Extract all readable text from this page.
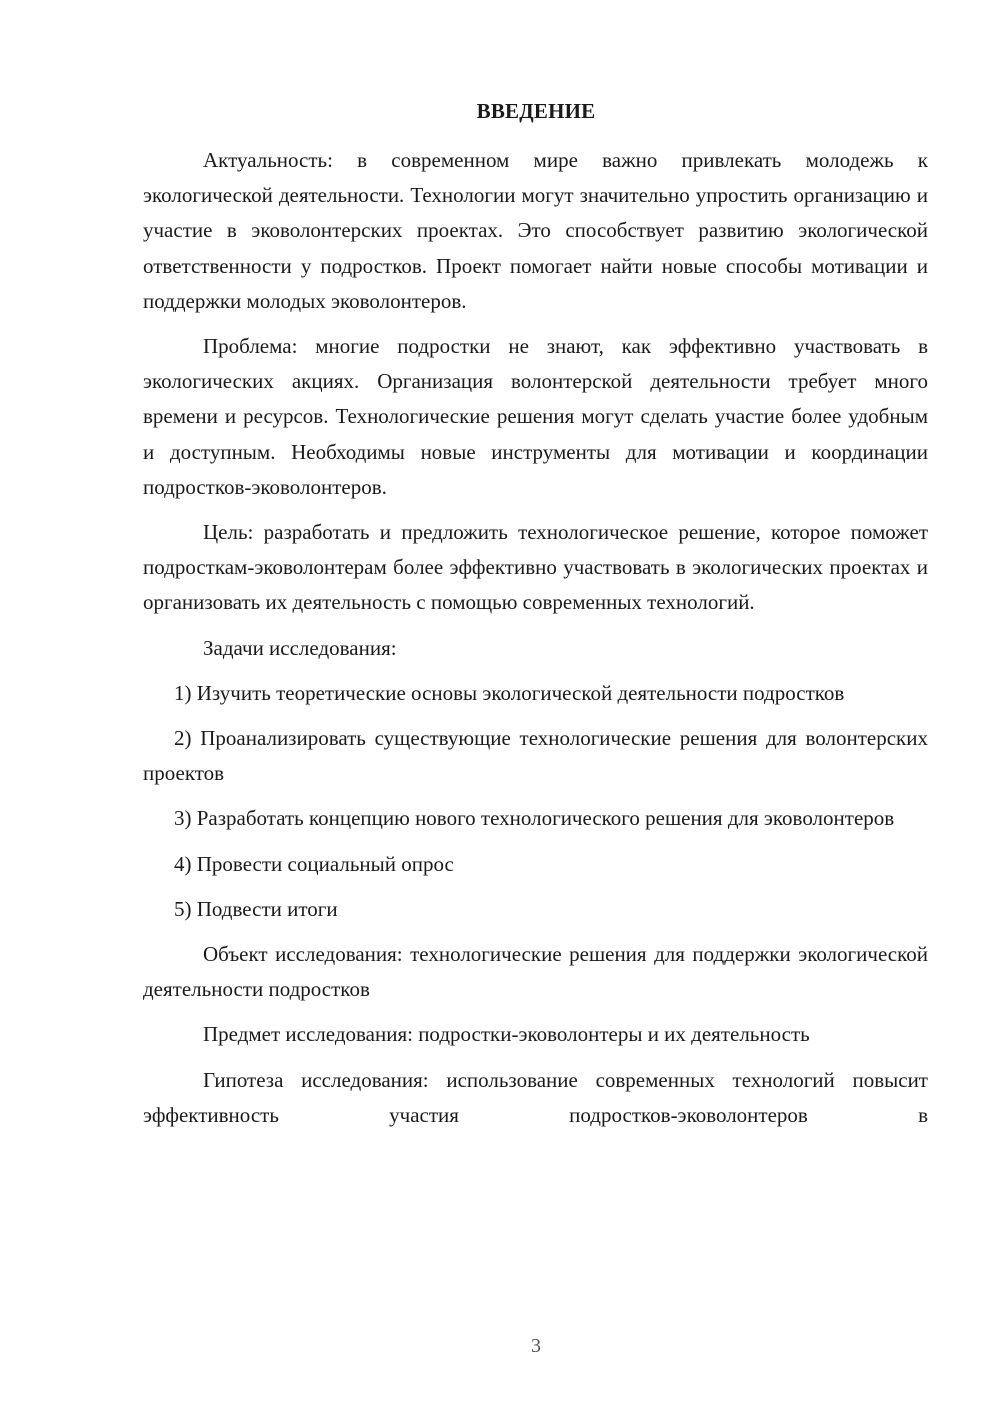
ВВЕДЕНИЕ

Актуальность: в современном мире важно привлекать молодежь к экологической деятельности. Технологии могут значительно упростить организацию и участие в эковолонтерских проектах. Это способствует развитию экологической ответственности у подростков. Проект помогает найти новые способы мотивации и поддержки молодых эковолонтеров.

Проблема: многие подростки не знают, как эффективно участвовать в экологических акциях. Организация волонтерской деятельности требует много времени и ресурсов. Технологические решения могут сделать участие более удобным и доступным. Необходимы новые инструменты для мотивации и координации подростков-эковолонтеров.

Цель: разработать и предложить технологическое решение, которое поможет подросткам-эковолонтерам более эффективно участвовать в экологических проектах и организовать их деятельность с помощью современных технологий.

Задачи исследования:

1) Изучить теоретические основы экологической деятельности подростков

2) Проанализировать существующие технологические решения для волонтерских проектов

3) Разработать концепцию нового технологического решения для эковолонтеров

4) Провести социальный опрос

5) Подвести итоги

Объект исследования: технологические решения для поддержки экологической деятельности подростков

Предмет исследования: подростки-эковолонтеры и их деятельность

Гипотеза исследования: использование современных технологий повысит эффективность участия подростков-эковолонтеров в

3
